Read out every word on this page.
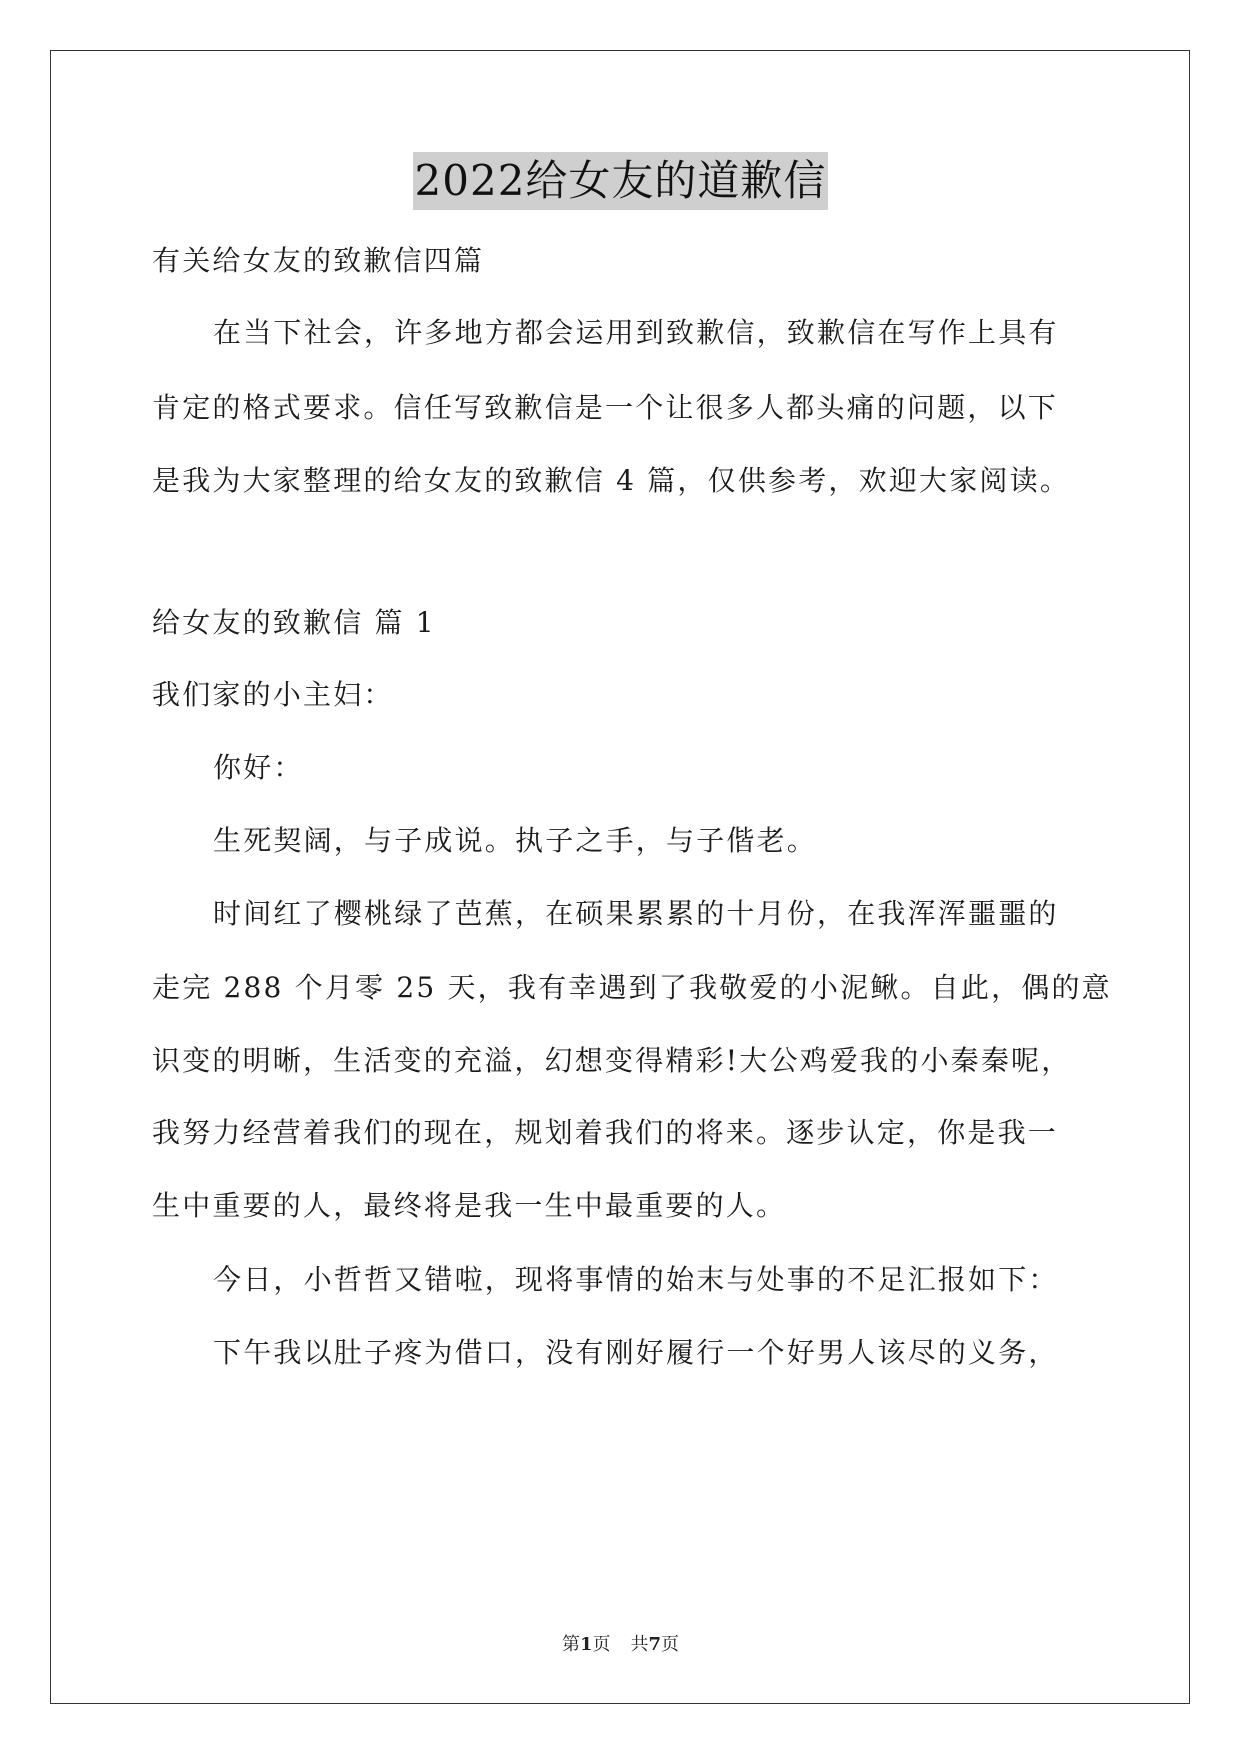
2022给女友的道歉信
有关给女友的致歉信四篇
在当下社会，许多地方都会运用到致歉信，致歉信在写作上具有
肯定的格式要求。信任写致歉信是一个让很多人都头痛的问题，以下
是我为大家整理的给女友的致歉信 4 篇，仅供参考，欢迎大家阅读。
给女友的致歉信 篇 1
我们家的小主妇：
你好：
生死契阔，与子成说。执子之手，与子偕老。
时间红了樱桃绿了芭蕉，在硕果累累的十月份，在我浑浑噩噩的
走完 288 个月零 25 天，我有幸遇到了我敬爱的小泥鳅。自此，偶的意
识变的明晰，生活变的充溢，幻想变得精彩!大公鸡爱我的小秦秦呢，
我努力经营着我们的现在，规划着我们的将来。逐步认定，你是我一
生中重要的人，最终将是我一生中最重要的人。
今日，小哲哲又错啦，现将事情的始末与处事的不足汇报如下：
下午我以肚子疼为借口，没有刚好履行一个好男人该尽的义务，
第1页 共7页
